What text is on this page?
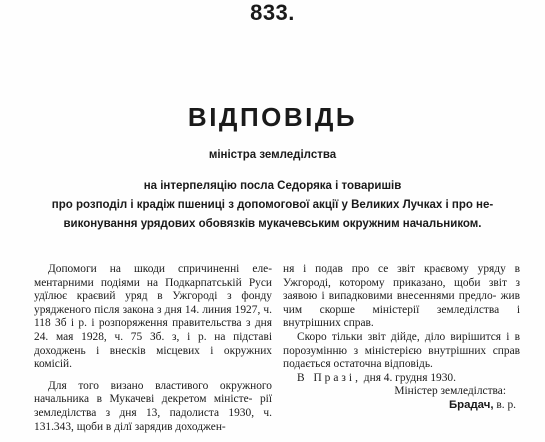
833.
ВІДПОВІДЬ
міністра земледілства
на інтерпеляцію посла Седоряка і товаришів
про розподіл і крадіж пшениці з допомогової акції у Великих Лучках і про не-
виконування урядових обовязків мукачевським окружним начальником.

Допомоги на шкоди спричиненні еле- ментарними подіями на Подкарпатській Руси удїлює краєвий уряд в Ужгороді з фонду урядженого після закона з дня 14. линия 1927, ч. 118 Зб і р. і розпоряження правительства з дня 24. мая 1928, ч. 75 Зб. з, і р. на підставі доходжень і внесків місцевих і окружних комісій.

Для того визано властивого окружного начальника в Мукачеві декретом міністе- рії земледілства з дня 13, падолиста 1930, ч. 131.343, щоби в ділї зарядив доходжен-

ня і подав про се звіт краєвому уряду в Ужгороді, которому приказано, щоби звіт з заявою і випадковими внесеннями предло- жив чим скорше міністерії земледілства і внутрішних справ.

Скоро тільки звіт дійде, діло вирішится і в порозумінню з міністерією внутрішних справ подається остаточна відповідь.

В Празі, дня 4. грудня 1930.

Міністер земледілства:

Брадач, в. р.
